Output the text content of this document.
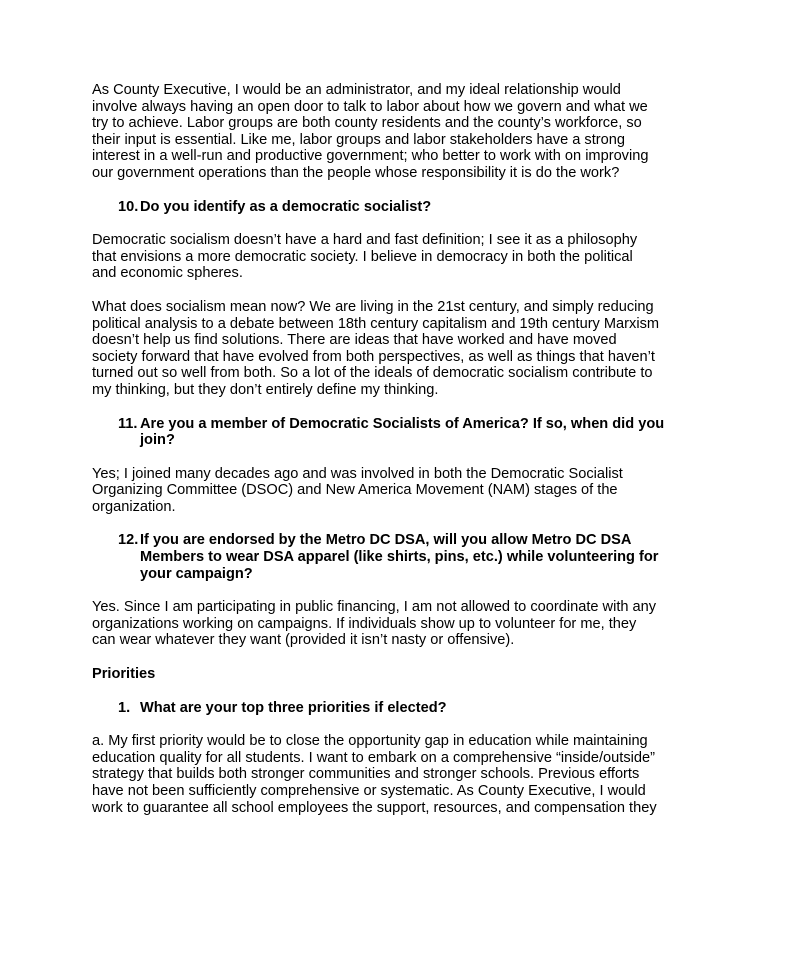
As County Executive, I would be an administrator, and my ideal relationship would
involve always having an open door to talk to labor about how we govern and what we
try to achieve. Labor groups are both county residents and the county’s workforce, so
their input is essential. Like me, labor groups and labor stakeholders have a strong
interest in a well-run and productive government; who better to work with on improving
our government operations than the people whose responsibility it is do the work?

10. Do you identify as a democratic socialist?

Democratic socialism doesn’t have a hard and fast definition; I see it as a philosophy
that envisions a more democratic society. I believe in democracy in both the political
and economic spheres.

What does socialism mean now? We are living in the 21st century, and simply reducing
political analysis to a debate between 18th century capitalism and 19th century Marxism
doesn’t help us find solutions. There are ideas that have worked and have moved
society forward that have evolved from both perspectives, as well as things that haven’t
turned out so well from both. So a lot of the ideals of democratic socialism contribute to
my thinking, but they don’t entirely define my thinking.

11. Are you a member of Democratic Socialists of America? If so, when did you
join?

Yes; I joined many decades ago and was involved in both the Democratic Socialist
Organizing Committee (DSOC) and New America Movement (NAM) stages of the
organization.

12. If you are endorsed by the Metro DC DSA, will you allow Metro DC DSA
Members to wear DSA apparel (like shirts, pins, etc.) while volunteering for
your campaign?

Yes. Since I am participating in public financing, I am not allowed to coordinate with any
organizations working on campaigns. If individuals show up to volunteer for me, they
can wear whatever they want (provided it isn’t nasty or offensive).

Priorities

1. What are your top three priorities if elected?

a. My first priority would be to close the opportunity gap in education while maintaining
education quality for all students. I want to embark on a comprehensive “inside/outside”
strategy that builds both stronger communities and stronger schools. Previous efforts
have not been sufficiently comprehensive or systematic. As County Executive, I would
work to guarantee all school employees the support, resources, and compensation they
